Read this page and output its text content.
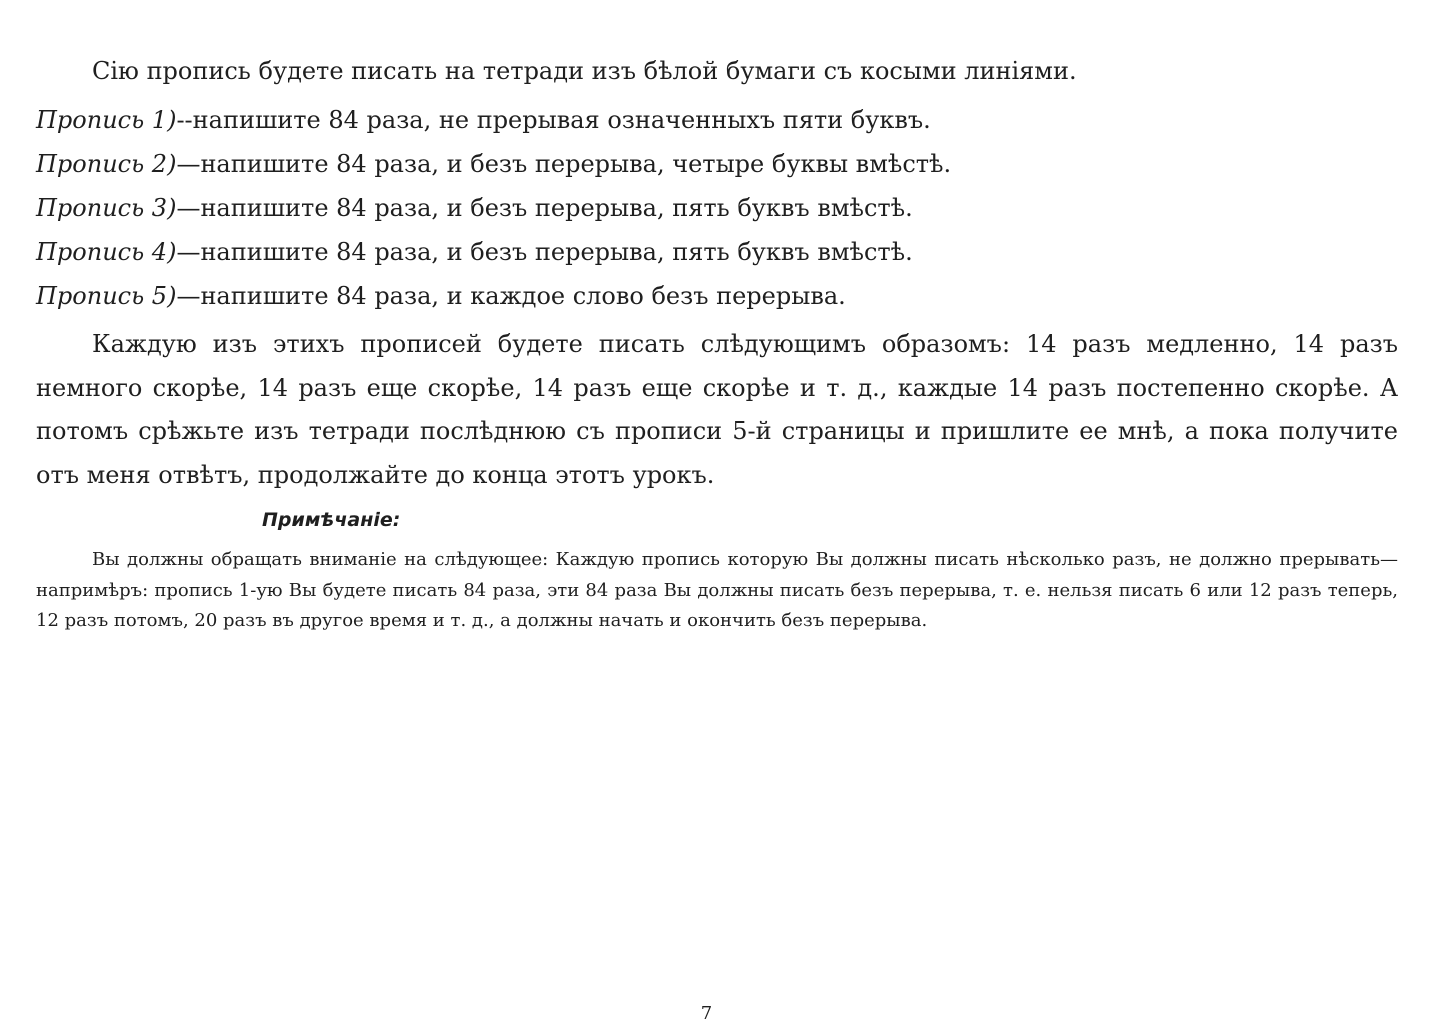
Сію пропись будете писать на тетради изъ бѣлой бумаги съ косыми линіями.
Пропись 1)--напишите 84 раза, не прерывая означенныхъ пяти буквъ.
Пропись 2)—напишите 84 раза, и безъ перерыва, четыре буквы вмѣстѣ.
Пропись 3)—напишите 84 раза, и безъ перерыва, пять буквъ вмѣстѣ.
Пропись 4)—напишите 84 раза, и безъ перерыва, пять буквъ вмѣстѣ.
Пропись 5)—напишите 84 раза, и каждое слово безъ перерыва.
Каждую изъ этихъ прописей будете писать слѣдующимъ образомъ: 14 разъ медленно, 14 разъ немного скорѣе, 14 разъ еще скорѣе, 14 разъ еще скорѣе и т. д., каждые 14 разъ постепенно скорѣе. А потомъ срѣжьте изъ тетради послѣднюю съ прописи 5-й страницы и пришлите ее мнѣ, а пока получите отъ меня отвѣтъ, продолжайте до конца этотъ урокъ.
Примѣчаніе:
Вы должны обращать вниманіе на слѣдующее: Каждую пропись которую Вы должны писать нѣсколько разъ, не должно прерывать—напримѣръ: пропись 1-ую Вы будете писать 84 раза, эти 84 раза Вы должны писать безъ перерыва, т. е. нельзя писать 6 или 12 разъ теперь, 12 разъ потомъ, 20 разъ въ другое время и т. д., а должны начать и окончить безъ перерыва.
7
